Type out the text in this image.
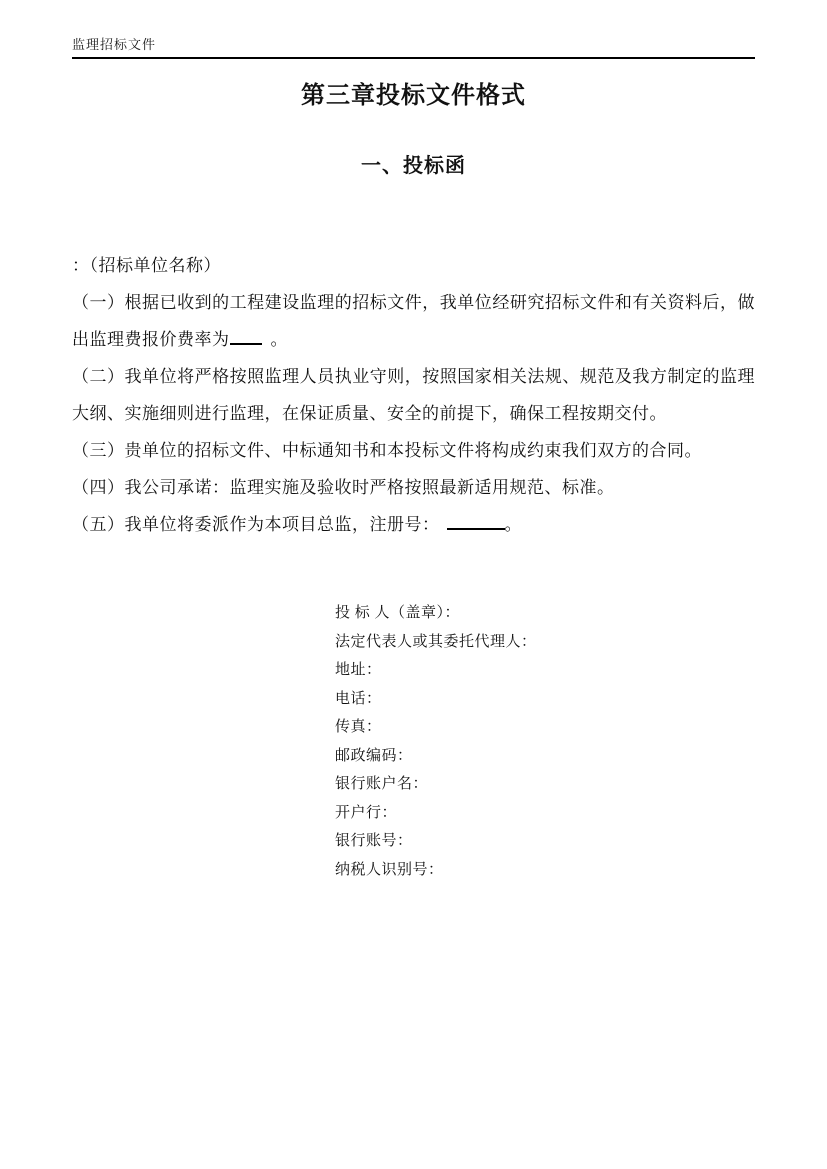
监理招标文件
第三章投标文件格式
一、投标函

：（招标单位名称）

（一）根据已收到的工程建设监理的招标文件，我单位经研究招标文件和有关资料后，做出监理费报价费率为 。

（二）我单位将严格按照监理人员执业守则，按照国家相关法规、规范及我方制定的监理大纲、实施细则进行监理，在保证质量、安全的前提下，确保工程按期交付。

（三）贵单位的招标文件、中标通知书和本投标文件将构成约束我们双方的合同。

（四）我公司承诺：监理实施及验收时严格按照最新适用规范、标准。

（五）我单位将委派作为本项目总监，注册号：	。

投 标 人（盖章）：
法定代表人或其委托代理人：
地址：
电话：
传真：
邮政编码：
银行账户名：
开户行：
银行账号：
纳税人识别号：
